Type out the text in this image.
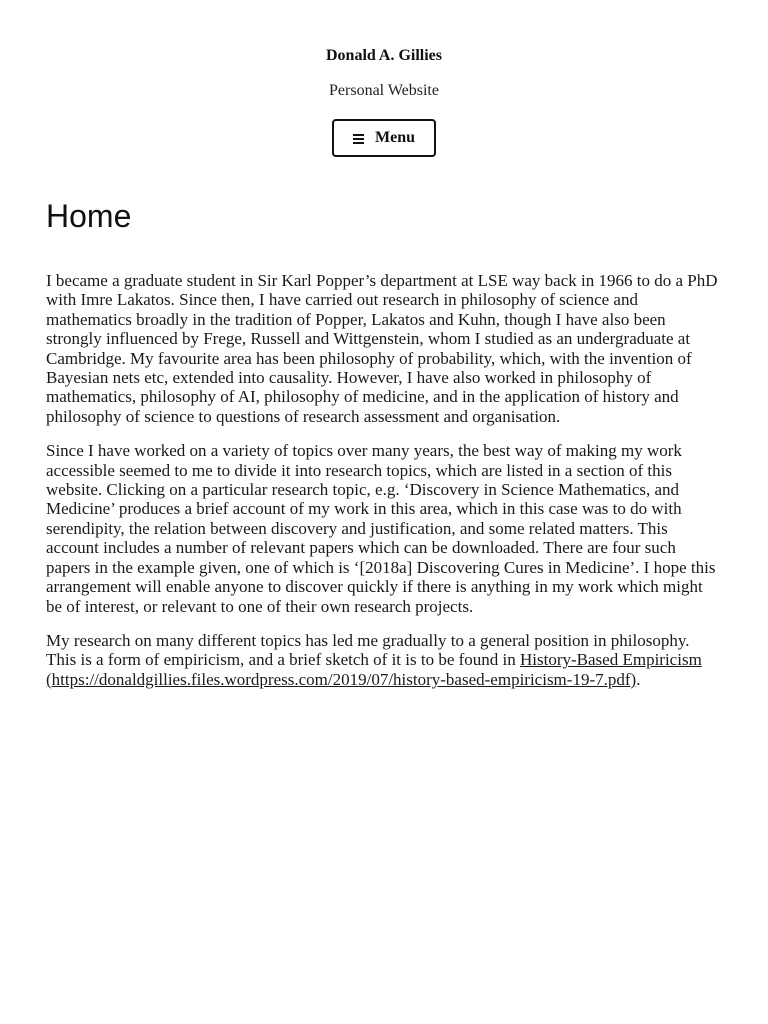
Donald A. Gillies

Personal Website

Menu
Home

I became a graduate student in Sir Karl Popper’s department at LSE way back in 1966 to do a PhD with Imre Lakatos. Since then, I have carried out research in philosophy of science and mathematics broadly in the tradition of Popper, Lakatos and Kuhn, though I have also been strongly influenced by Frege, Russell and Wittgenstein, whom I studied as an undergraduate at Cambridge. My favourite area has been philosophy of probability, which, with the invention of Bayesian nets etc, extended into causality. However, I have also worked in philosophy of mathematics, philosophy of AI, philosophy of medicine, and in the application of history and philosophy of science to questions of research assessment and organisation.

Since I have worked on a variety of topics over many years, the best way of making my work accessible seemed to me to divide it into research topics, which are listed in a section of this website. Clicking on a particular research topic, e.g. ‘Discovery in Science Mathematics, and Medicine’ produces a brief account of my work in this area, which in this case was to do with serendipity, the relation between discovery and justification, and some related matters. This account includes a number of relevant papers which can be downloaded. There are four such papers in the example given, one of which is ‘[2018a] Discovering Cures in Medicine’. I hope this arrangement will enable anyone to discover quickly if there is anything in my work which might be of interest, or relevant to one of their own research projects.

My research on many different topics has led me gradually to a general position in philosophy. This is a form of empiricism, and a brief sketch of it is to be found in History-Based Empiricism (https://donaldgillies.files.wordpress.com/2019/07/history-based-empiricism-19-7.pdf).
